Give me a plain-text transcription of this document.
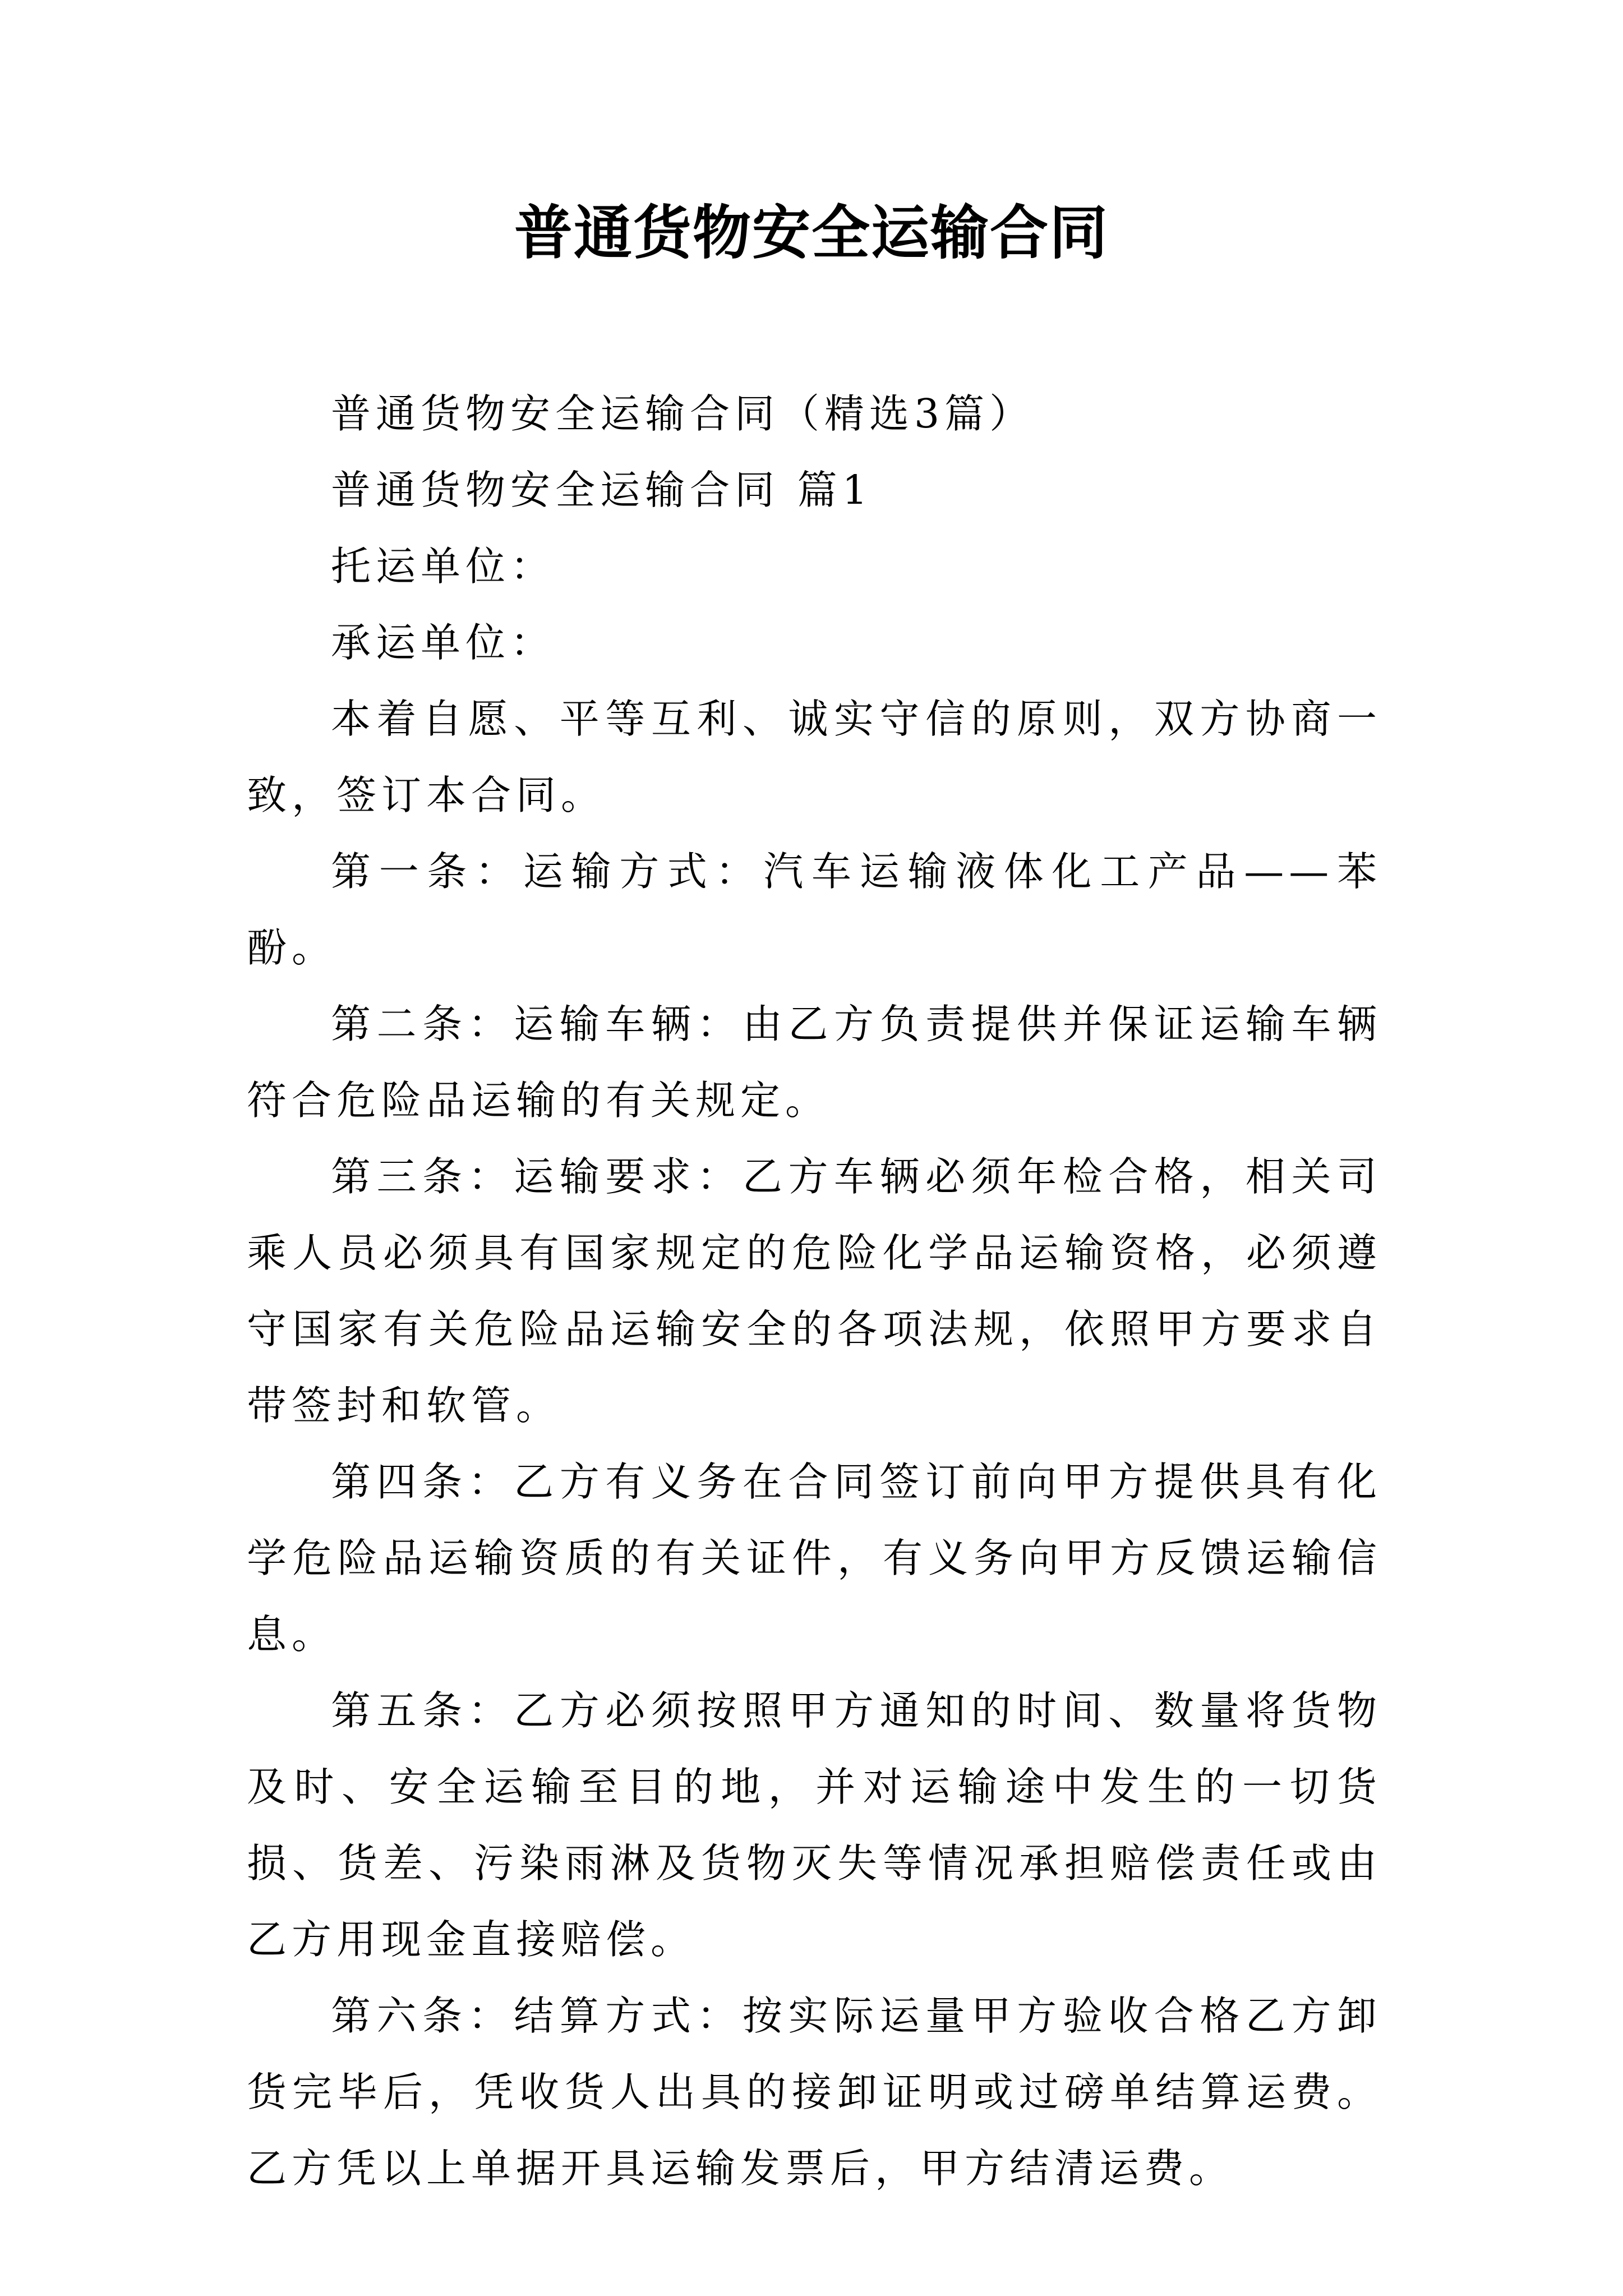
普通货物安全运输合同

普通货物安全运输合同（精选3篇）

普通货物安全运输合同 篇1

托运单位：

承运单位：

本着自愿、平等互利、诚实守信的原则，双方协商一致，签订本合同。

第一条：运输方式：汽车运输液体化工产品——苯酚。

第二条：运输车辆：由乙方负责提供并保证运输车辆符合危险品运输的有关规定。

第三条：运输要求：乙方车辆必须年检合格，相关司乘人员必须具有国家规定的危险化学品运输资格，必须遵守国家有关危险品运输安全的各项法规，依照甲方要求自带签封和软管。

第四条：乙方有义务在合同签订前向甲方提供具有化学危险品运输资质的有关证件，有义务向甲方反馈运输信息。

第五条：乙方必须按照甲方通知的时间、数量将货物及时、安全运输至目的地，并对运输途中发生的一切货损、货差、污染雨淋及货物灭失等情况承担赔偿责任或由乙方用现金直接赔偿。

第六条：结算方式：按实际运量甲方验收合格乙方卸货完毕后，凭收货人出具的接卸证明或过磅单结算运费。乙方凭以上单据开具运输发票后，甲方结清运费。
